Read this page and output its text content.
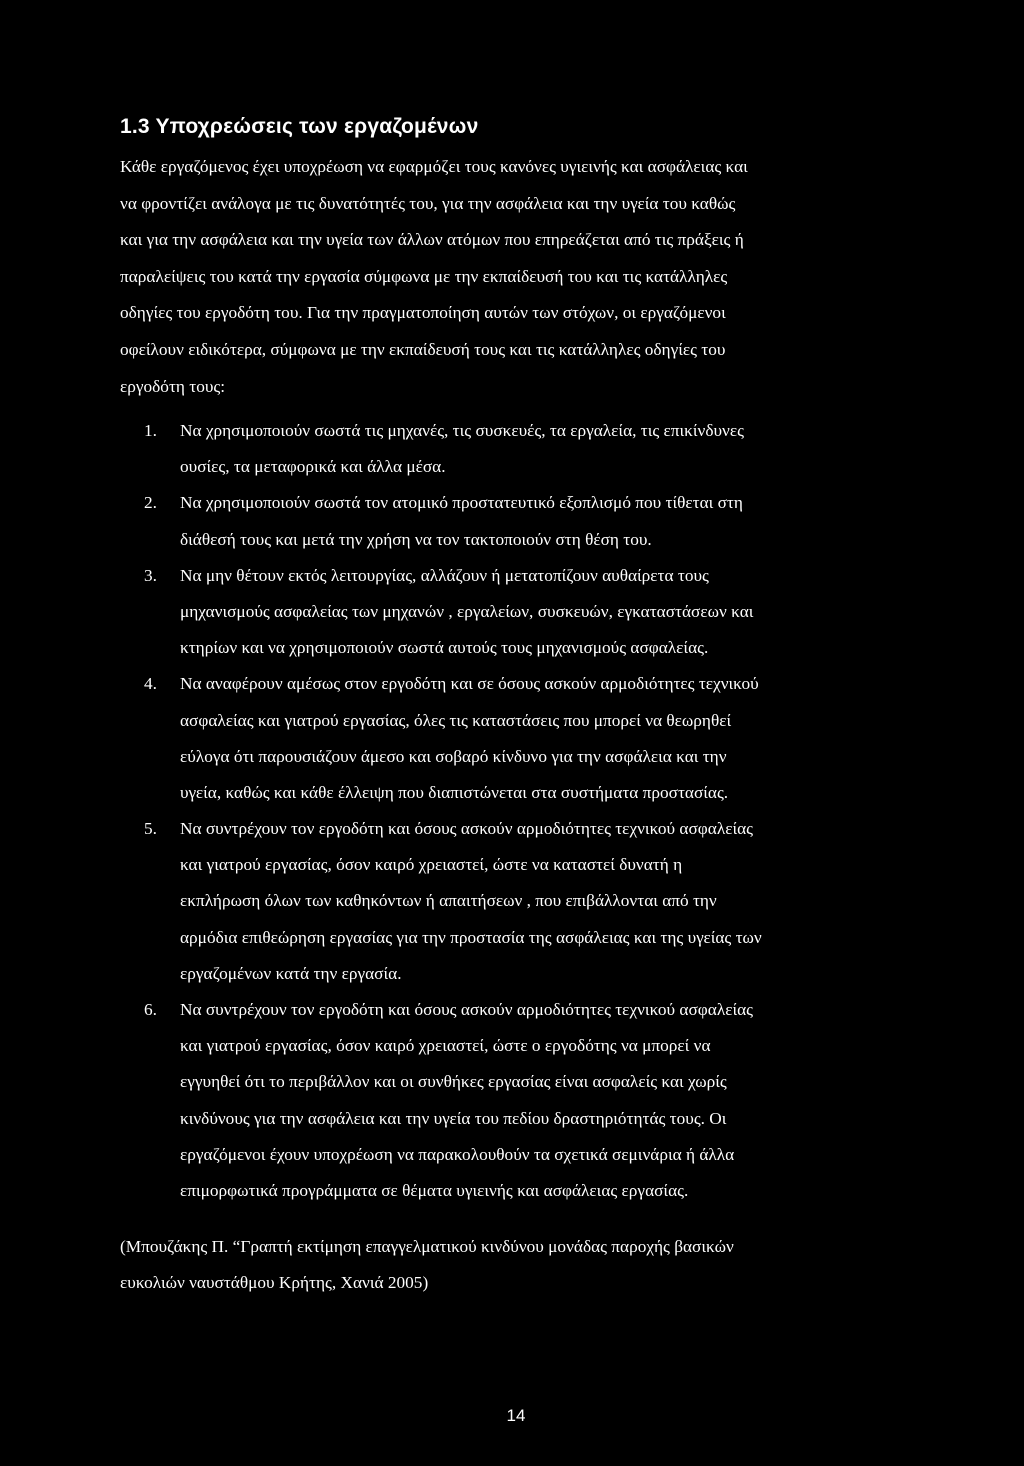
1.3 Υποχρεώσεις των εργαζομένων

Κάθε εργαζόμενος έχει υποχρέωση να εφαρμόζει τους κανόνες υγιεινής και ασφάλειας και
να φροντίζει ανάλογα με τις δυνατότητές του, για την ασφάλεια και την υγεία του καθώς
και για την ασφάλεια και την υγεία των άλλων ατόμων που επηρεάζεται από τις πράξεις ή
παραλείψεις του κατά την εργασία σύμφωνα με την εκπαίδευσή του και τις κατάλληλες
οδηγίες του εργοδότη του. Για την πραγματοποίηση αυτών των στόχων, οι εργαζόμενοι
οφείλουν ειδικότερα, σύμφωνα με την εκπαίδευσή τους και τις κατάλληλες οδηγίες του
εργοδότη τους:

1.	Να χρησιμοποιούν σωστά τις μηχανές, τις συσκευές, τα εργαλεία, τις επικίνδυνες
ουσίες, τα μεταφορικά και άλλα μέσα.
2.	Να χρησιμοποιούν σωστά τον ατομικό προστατευτικό εξοπλισμό που τίθεται στη
διάθεσή τους και μετά την χρήση να τον τακτοποιούν στη θέση του.
3.	Να μην θέτουν εκτός λειτουργίας, αλλάζουν ή μετατοπίζουν αυθαίρετα τους
μηχανισμούς ασφαλείας των μηχανών , εργαλείων, συσκευών, εγκαταστάσεων και
κτηρίων και να χρησιμοποιούν σωστά αυτούς τους μηχανισμούς ασφαλείας.
4.	Να αναφέρουν αμέσως στον εργοδότη και σε όσους ασκούν αρμοδιότητες τεχνικού
ασφαλείας και γιατρού εργασίας, όλες τις καταστάσεις που μπορεί να θεωρηθεί
εύλογα ότι παρουσιάζουν άμεσο και σοβαρό κίνδυνο για την ασφάλεια και την
υγεία, καθώς και κάθε έλλειψη που διαπιστώνεται στα συστήματα προστασίας.
5.	Να συντρέχουν τον εργοδότη και όσους ασκούν αρμοδιότητες τεχνικού ασφαλείας
και γιατρού εργασίας, όσον καιρό χρειαστεί, ώστε να καταστεί δυνατή η
εκπλήρωση όλων των καθηκόντων ή απαιτήσεων , που επιβάλλονται από την
αρμόδια επιθεώρηση εργασίας για την προστασία της ασφάλειας και της υγείας των
εργαζομένων κατά την εργασία.
6.	Να συντρέχουν τον εργοδότη και όσους ασκούν αρμοδιότητες τεχνικού ασφαλείας
και γιατρού εργασίας, όσον καιρό χρειαστεί, ώστε ο εργοδότης να μπορεί να
εγγυηθεί ότι το περιβάλλον και οι συνθήκες εργασίας είναι ασφαλείς και χωρίς
κινδύνους για την ασφάλεια και την υγεία του πεδίου δραστηριότητάς τους. Οι
εργαζόμενοι έχουν υποχρέωση να παρακολουθούν τα σχετικά σεμινάρια ή άλλα
επιμορφωτικά προγράμματα σε θέματα υγιεινής και ασφάλειας εργασίας.

(Μπουζάκης Π. “Γραπτή εκτίμηση επαγγελματικού κινδύνου μονάδας παροχής βασικών
ευκολιών ναυστάθμου Κρήτης, Χανιά 2005)

14
